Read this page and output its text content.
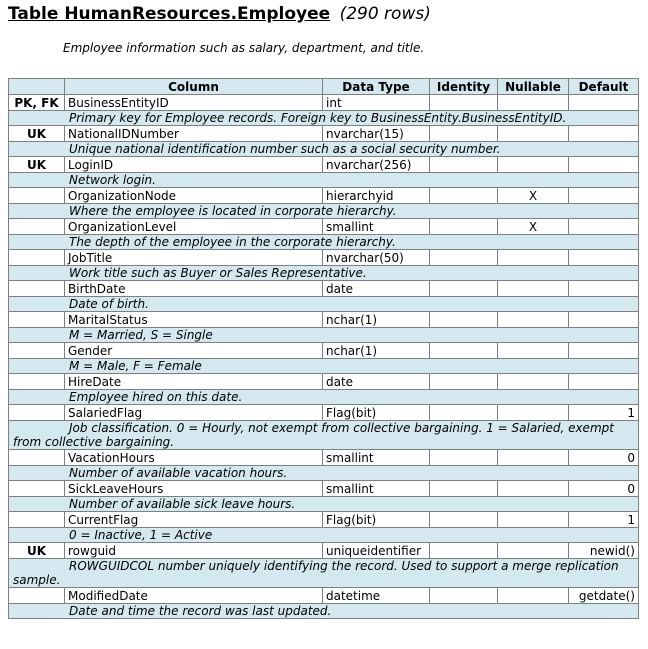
Table HumanResources.Employee (290 rows)
Employee information such as salary, department, and title.
	Column	Data Type	Identity	Nullable	Default
PK, FK	BusinessEntityID	int			
Primary key for Employee records. Foreign key to BusinessEntity.BusinessEntityID.					
UK	NationalIDNumber	nvarchar(15)			
Unique national identification number such as a social security number.					
UK	LoginID	nvarchar(256)			
Network login.					
	OrganizationNode	hierarchyid		X	
Where the employee is located in corporate hierarchy.					
	OrganizationLevel	smallint		X	
The depth of the employee in the corporate hierarchy.					
	JobTitle	nvarchar(50)			
Work title such as Buyer or Sales Representative.					
	BirthDate	date			
Date of birth.					
	MaritalStatus	nchar(1)			
M = Married, S = Single					
	Gender	nchar(1)			
M = Male, F = Female					
	HireDate	date			
Employee hired on this date.					
	SalariedFlag	Flag(bit)			1
Job classification. 0 = Hourly, not exempt from collective bargaining. 1 = Salaried, exempt from collective bargaining.					
	VacationHours	smallint			0
Number of available vacation hours.					
	SickLeaveHours	smallint			0
Number of available sick leave hours.					
	CurrentFlag	Flag(bit)			1
0 = Inactive, 1 = Active					
UK	rowguid	uniqueidentifier			newid()
ROWGUIDCOL number uniquely identifying the record. Used to support a merge replication sample.					
	ModifiedDate	datetime			getdate()
Date and time the record was last updated.					
